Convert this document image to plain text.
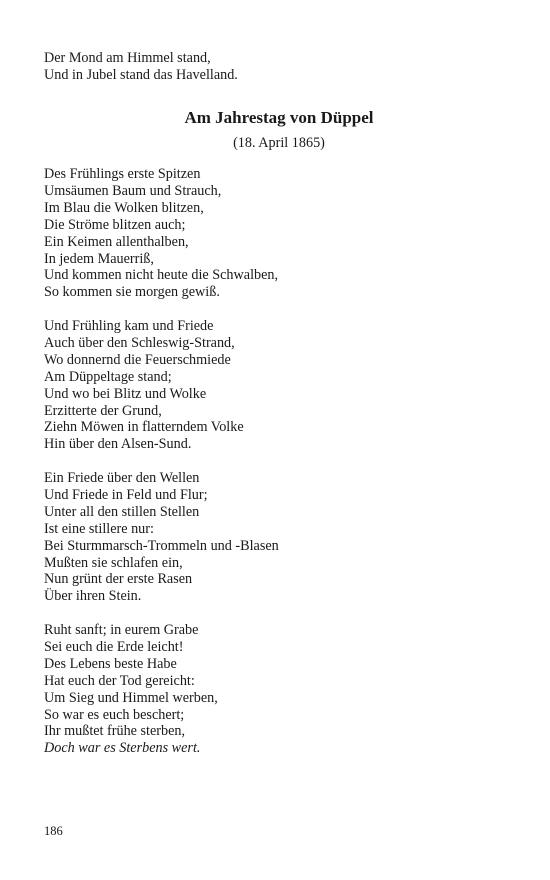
Der Mond am Himmel stand,
Und in Jubel stand das Havelland.
Am Jahrestag von Düppel
(18. April 1865)
Des Frühlings erste Spitzen
Umsäumen Baum und Strauch,
Im Blau die Wolken blitzen,
Die Ströme blitzen auch;
Ein Keimen allenthalben,
In jedem Mauerriß,
Und kommen nicht heute die Schwalben,
So kommen sie morgen gewiß.
Und Frühling kam und Friede
Auch über den Schleswig-Strand,
Wo donnernd die Feuerschmiede
Am Düppeltage stand;
Und wo bei Blitz und Wolke
Erzitterte der Grund,
Ziehn Möwen in flatterndem Volke
Hin über den Alsen-Sund.
Ein Friede über den Wellen
Und Friede in Feld und Flur;
Unter all den stillen Stellen
Ist eine stillere nur:
Bei Sturmmarsch-Trommeln und -Blasen
Mußten sie schlafen ein,
Nun grünt der erste Rasen
Über ihren Stein.
Ruht sanft; in eurem Grabe
Sei euch die Erde leicht!
Des Lebens beste Habe
Hat euch der Tod gereicht:
Um Sieg und Himmel werben,
So war es euch beschert;
Ihr mußtet frühe sterben,
Doch war es Sterbens wert.
186
